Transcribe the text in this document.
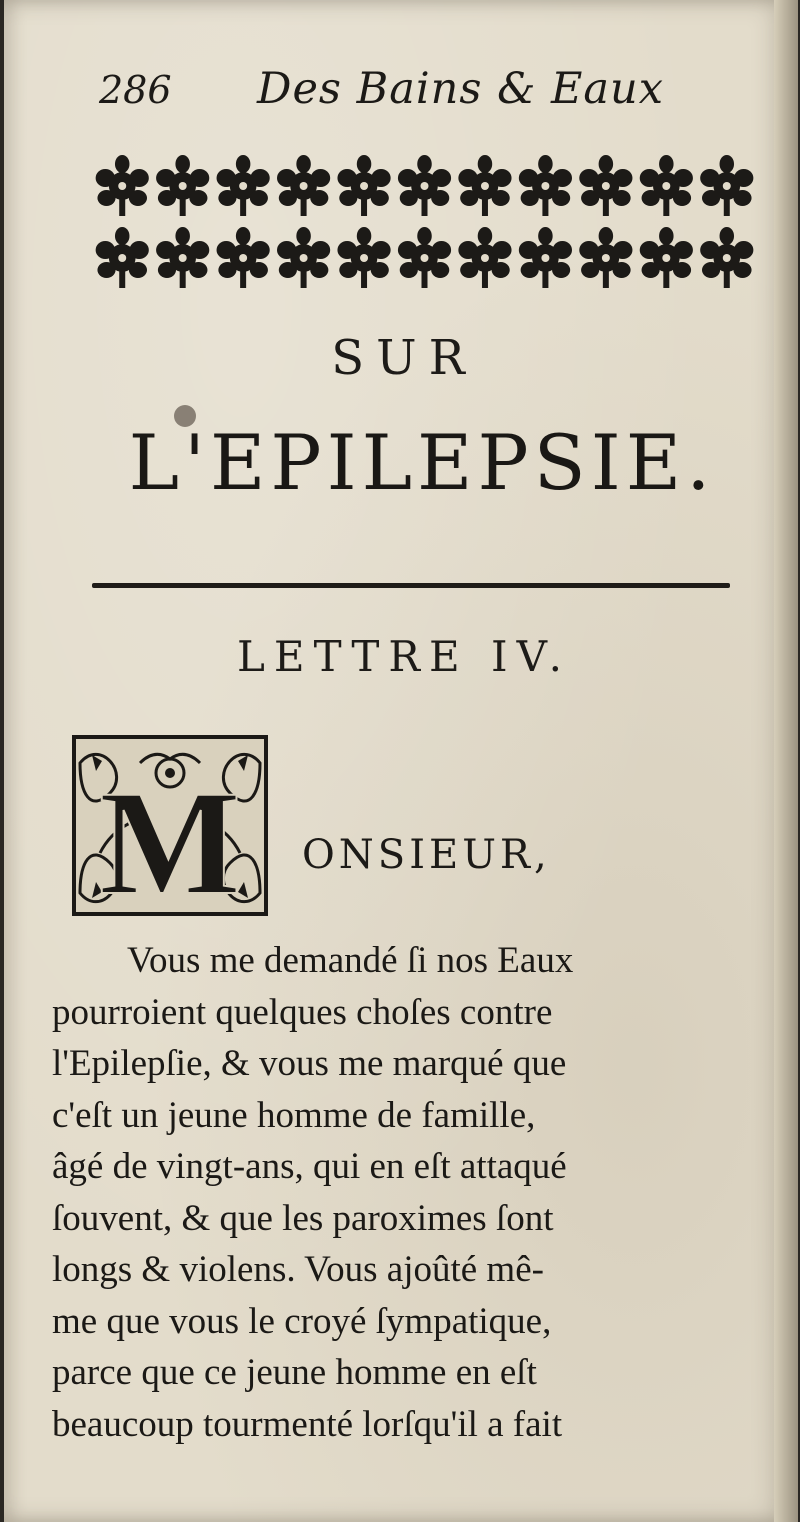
286 Des Bains & Eaux
SUR
L'EPILEPSIE.
LETTRE IV.
M ONSIEUR,
Vous me demandé ſi nos Eaux
pourroient quelques choſes contre
l'Epilepſie, & vous me marqué que
c'eſt un jeune homme de famille,
âgé de vingt-ans, qui en eſt attaqué
ſouvent, & que les paroximes ſont
longs & violens. Vous ajoûté mê-
me que vous le croyé ſympatique,
parce que ce jeune homme en eſt
beaucoup tourmenté lorſqu'il a fait
